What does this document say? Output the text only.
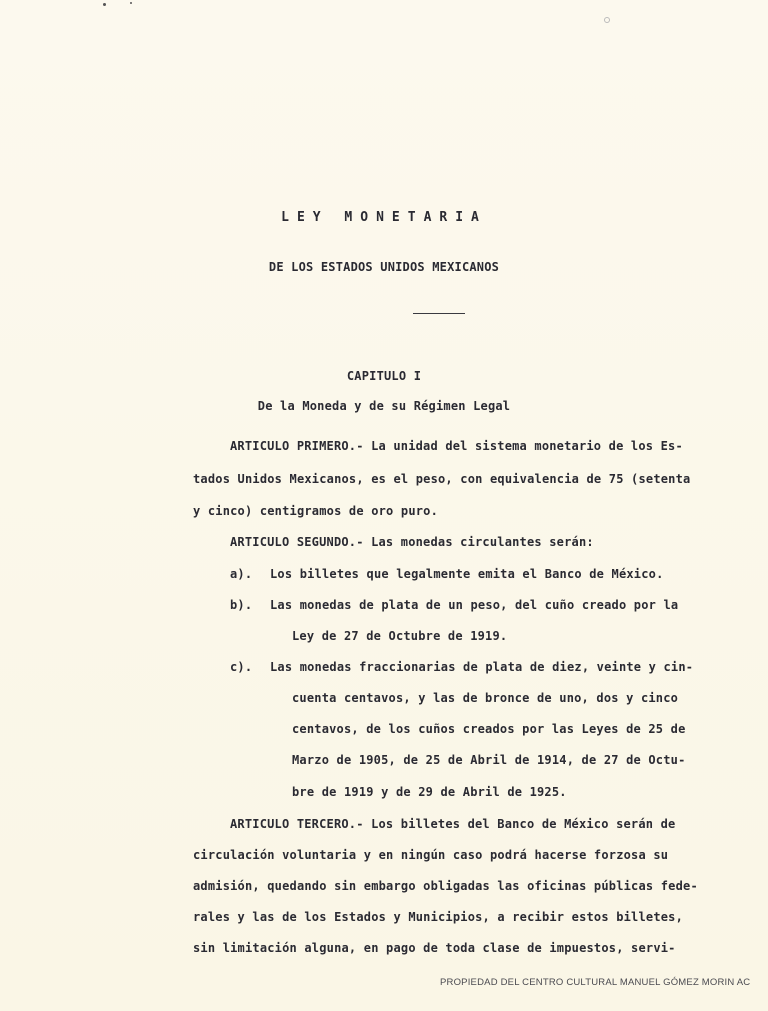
LEY MONETARIA
DE LOS ESTADOS UNIDOS MEXICANOS
CAPITULO I
De la Moneda y de su Régimen Legal
ARTICULO PRIMERO.- La unidad del sistema monetario de los Es-
tados Unidos Mexicanos, es el peso, con equivalencia de 75 (setenta
y cinco) centigramos de oro puro.
ARTICULO SEGUNDO.- Las monedas circulantes serán:
a). Los billetes que legalmente emita el Banco de México.
b). Las monedas de plata de un peso, del cuño creado por la
Ley de 27 de Octubre de 1919.
c). Las monedas fraccionarias de plata de diez, veinte y cin-
cuenta centavos, y las de bronce de uno, dos y cinco
centavos, de los cuños creados por las Leyes de 25 de
Marzo de 1905, de 25 de Abril de 1914, de 27 de Octu-
bre de 1919 y de 29 de Abril de 1925.
ARTICULO TERCERO.- Los billetes del Banco de México serán de
circulación voluntaria y en ningún caso podrá hacerse forzosa su
admisión, quedando sin embargo obligadas las oficinas públicas fede-
rales y las de los Estados y Municipios, a recibir estos billetes,
sin limitación alguna, en pago de toda clase de impuestos, servi-
PROPIEDAD DEL CENTRO CULTURAL MANUEL GÓMEZ MORIN AC
